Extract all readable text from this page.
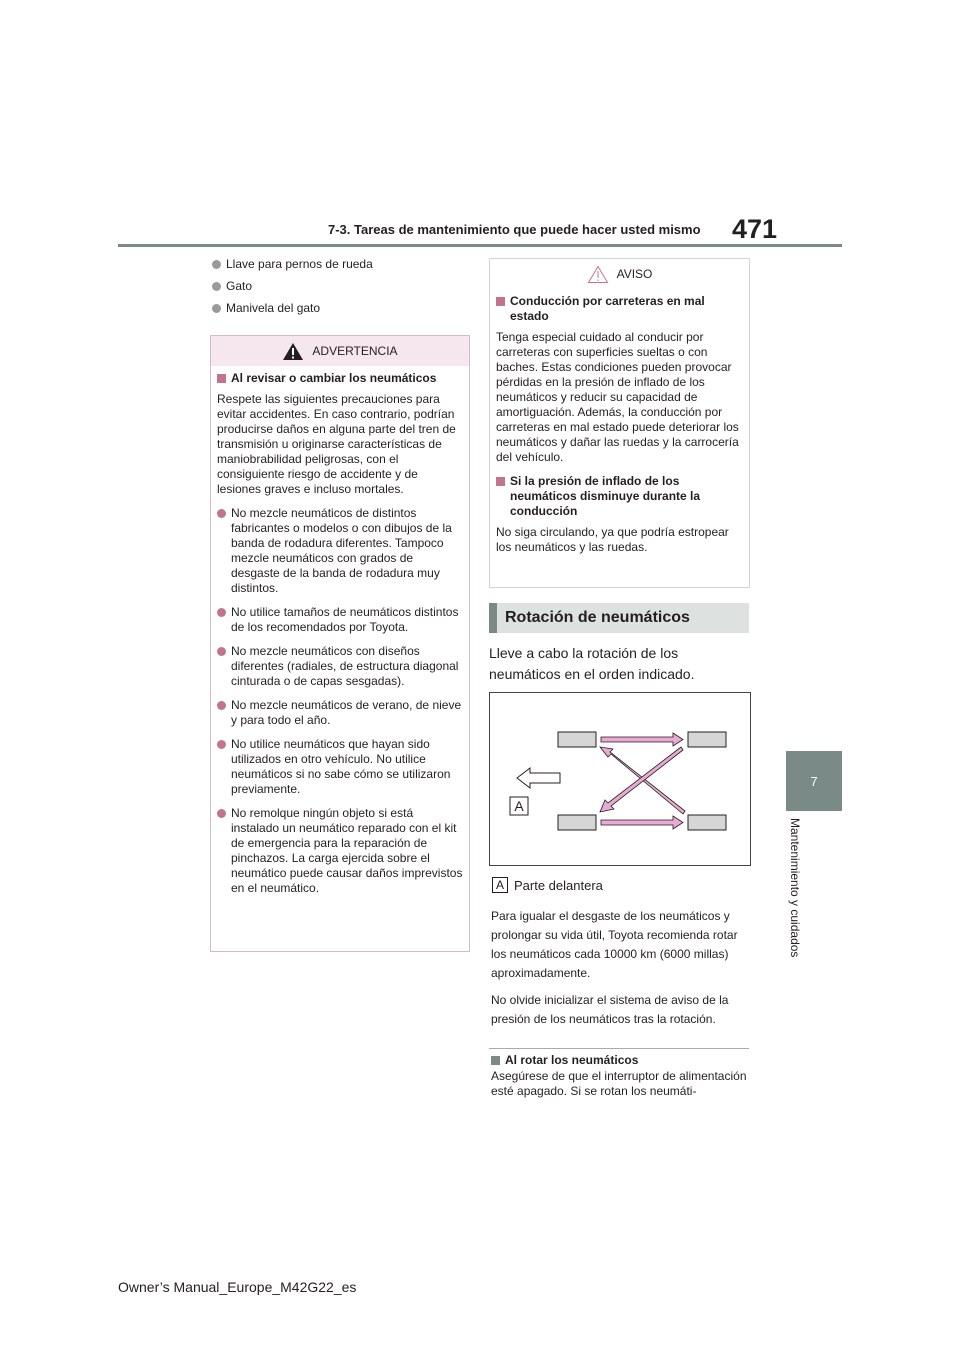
7-3. Tareas de mantenimiento que puede hacer usted mismo 471
7
Mantenimiento y cuidados
Llave para pernos de rueda
Gato
Manivela del gato
ADVERTENCIA
Al revisar o cambiar los neumáticos
Respete las siguientes precauciones para evitar accidentes. En caso contrario, podrían producirse daños en alguna parte del tren de transmisión u originarse características de maniobrabilidad peligrosas, con el consiguiente riesgo de accidente y de lesiones graves e incluso mortales.
No mezcle neumáticos de distintos fabricantes o modelos o con dibujos de la banda de rodadura diferentes. Tampoco mezcle neumáticos con grados de desgaste de la banda de rodadura muy distintos.
No utilice tamaños de neumáticos distintos de los recomendados por Toyota.
No mezcle neumáticos con diseños diferentes (radiales, de estructura diagonal cinturada o de capas sesgadas).
No mezcle neumáticos de verano, de nieve y para todo el año.
No utilice neumáticos que hayan sido utilizados en otro vehículo. No utilice neumáticos si no sabe cómo se utilizaron previamente.
No remolque ningún objeto si está instalado un neumático reparado con el kit de emergencia para la reparación de pinchazos. La carga ejercida sobre el neumático puede causar daños imprevistos en el neumático.
AVISO
Conducción por carreteras en mal estado
Tenga especial cuidado al conducir por carreteras con superficies sueltas o con baches. Estas condiciones pueden provocar pérdidas en la presión de inflado de los neumáticos y reducir su capacidad de amortiguación. Además, la conducción por carreteras en mal estado puede deteriorar los neumáticos y dañar las ruedas y la carrocería del vehículo.
Si la presión de inflado de los neumáticos disminuye durante la conducción
No siga circulando, ya que podría estropear los neumáticos y las ruedas.
Rotación de neumáticos
Lleve a cabo la rotación de los neumáticos en el orden indicado.
A
A Parte delantera
Para igualar el desgaste de los neumáticos y prolongar su vida útil, Toyota recomienda rotar los neumáticos cada 10000 km (6000 millas) aproximadamente.
No olvide inicializar el sistema de aviso de la presión de los neumáticos tras la rotación.
Al rotar los neumáticos
Asegúrese de que el interruptor de alimentación esté apagado. Si se rotan los neumáti-
Owner’s Manual_Europe_M42G22_es
